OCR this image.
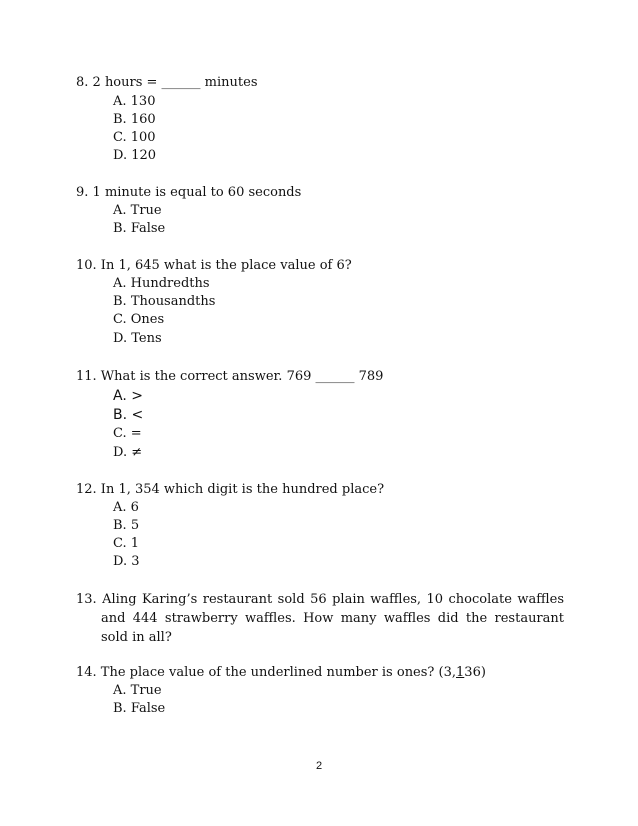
8. 2 hours = ______ minutes
A. 130
B. 160
C. 100
D. 120
9. 1 minute is equal to 60 seconds
A. True
B. False
10. In 1, 645 what is the place value of 6?
A. Hundredths
B. Thousandths
C. Ones
D. Tens
11. What is the correct answer. 769 ______ 789
A. >
B. <
C. =
D. ≠
12. In 1, 354 which digit is the hundred place?
A. 6
B. 5
C. 1
D. 3
13. Aling Karing’s restaurant sold 56 plain waffles, 10 chocolate waffles and 444 strawberry waffles. How many waffles did the restaurant sold in all?
14. The place value of the underlined number is ones? (3,136)
A. True
B. False
2
